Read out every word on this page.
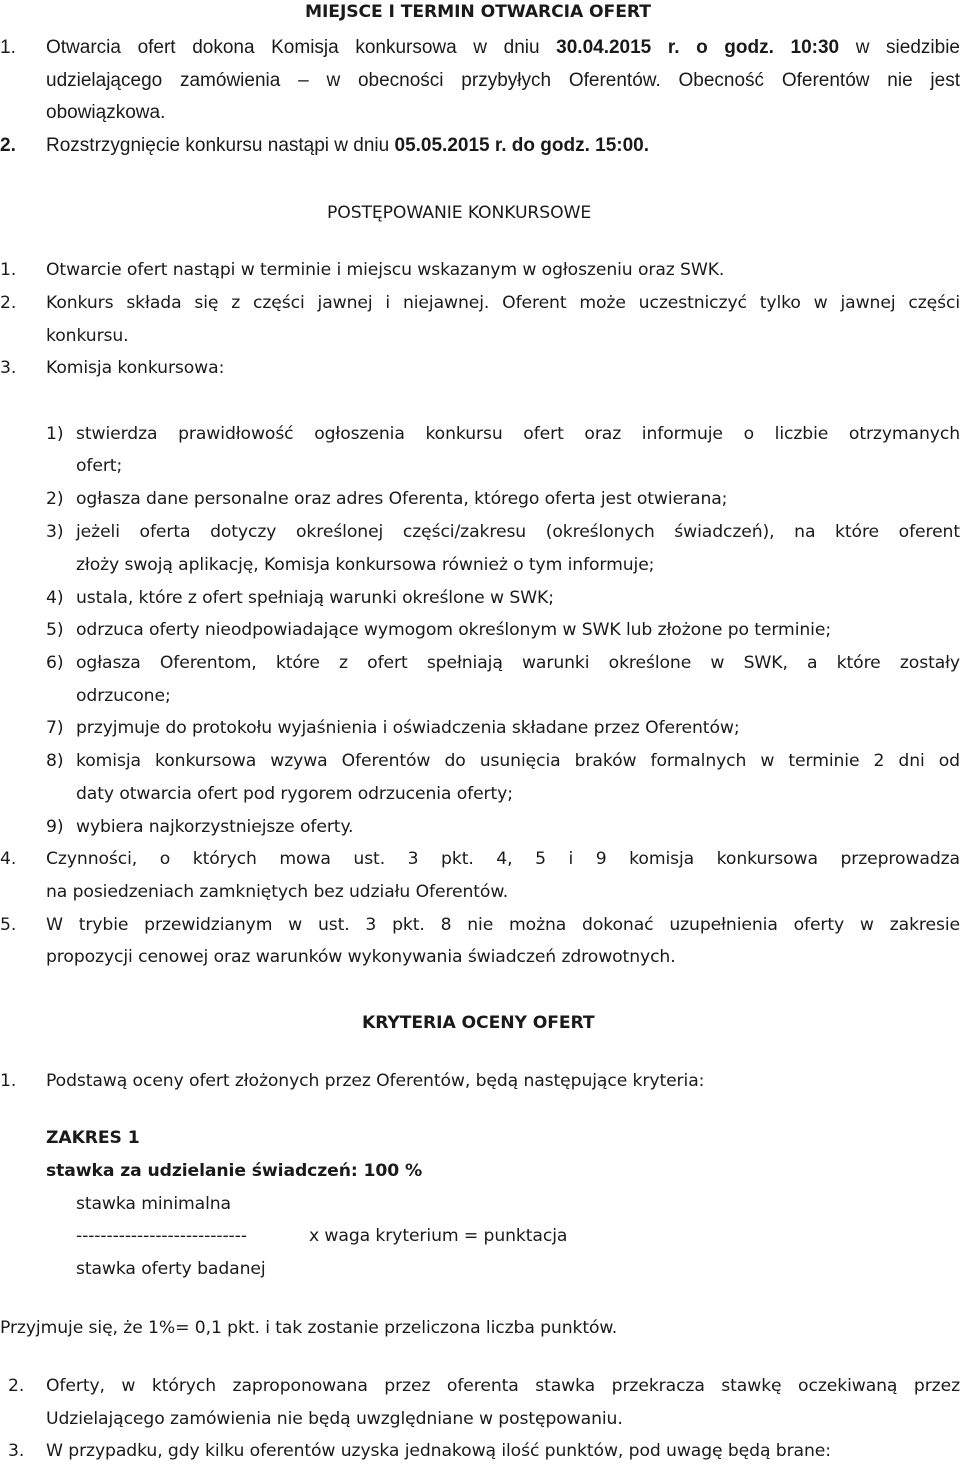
MIEJSCE I TERMIN OTWARCIA OFERT
1. Otwarcia ofert dokona Komisja konkursowa w dniu 30.04.2015 r. o godz. 10:30 w siedzibie
udzielającego zamówienia – w obecności przybyłych Oferentów. Obecność Oferentów nie jest
obowiązkowa.
2. Rozstrzygnięcie konkursu nastąpi w dniu 05.05.2015 r. do godz. 15:00.
POSTĘPOWANIE KONKURSOWE
1. Otwarcie ofert nastąpi w terminie i miejscu wskazanym w ogłoszeniu oraz SWK.
2. Konkurs składa się z części jawnej i niejawnej. Oferent może uczestniczyć tylko w jawnej części
konkursu.
3. Komisja konkursowa:
1) stwierdza prawidłowość ogłoszenia konkursu ofert oraz informuje o liczbie otrzymanych
ofert;
2) ogłasza dane personalne oraz adres Oferenta, którego oferta jest otwierana;
3) jeżeli oferta dotyczy określonej części/zakresu (określonych świadczeń), na które oferent
złoży swoją aplikację, Komisja konkursowa również o tym informuje;
4) ustala, które z ofert spełniają warunki określone w SWK;
5) odrzuca oferty nieodpowiadające wymogom określonym w SWK lub złożone po terminie;
6) ogłasza Oferentom, które z ofert spełniają warunki określone w SWK, a które zostały
odrzucone;
7) przyjmuje do protokołu wyjaśnienia i oświadczenia składane przez Oferentów;
8) komisja konkursowa wzywa Oferentów do usunięcia braków formalnych w terminie 2 dni od
daty otwarcia ofert pod rygorem odrzucenia oferty;
9) wybiera najkorzystniejsze oferty.
4. Czynności, o których mowa ust. 3 pkt. 4, 5 i 9 komisja konkursowa przeprowadza
na posiedzeniach zamkniętych bez udziału Oferentów.
5. W trybie przewidzianym w ust. 3 pkt. 8 nie można dokonać uzupełnienia oferty w zakresie
propozycji cenowej oraz warunków wykonywania świadczeń zdrowotnych.
KRYTERIA OCENY OFERT
1. Podstawą oceny ofert złożonych przez Oferentów, będą następujące kryteria:
ZAKRES 1
stawka za udzielanie świadczeń: 100 %
stawka minimalna
----------------------------	x waga kryterium = punktacja
stawka oferty badanej
Przyjmuje się, że 1%= 0,1 pkt. i tak zostanie przeliczona liczba punktów.
2. Oferty, w których zaproponowana przez oferenta stawka przekracza stawkę oczekiwaną przez
Udzielającego zamówienia nie będą uwzględniane w postępowaniu.
3. W przypadku, gdy kilku oferentów uzyska jednakową ilość punktów, pod uwagę będą brane:
